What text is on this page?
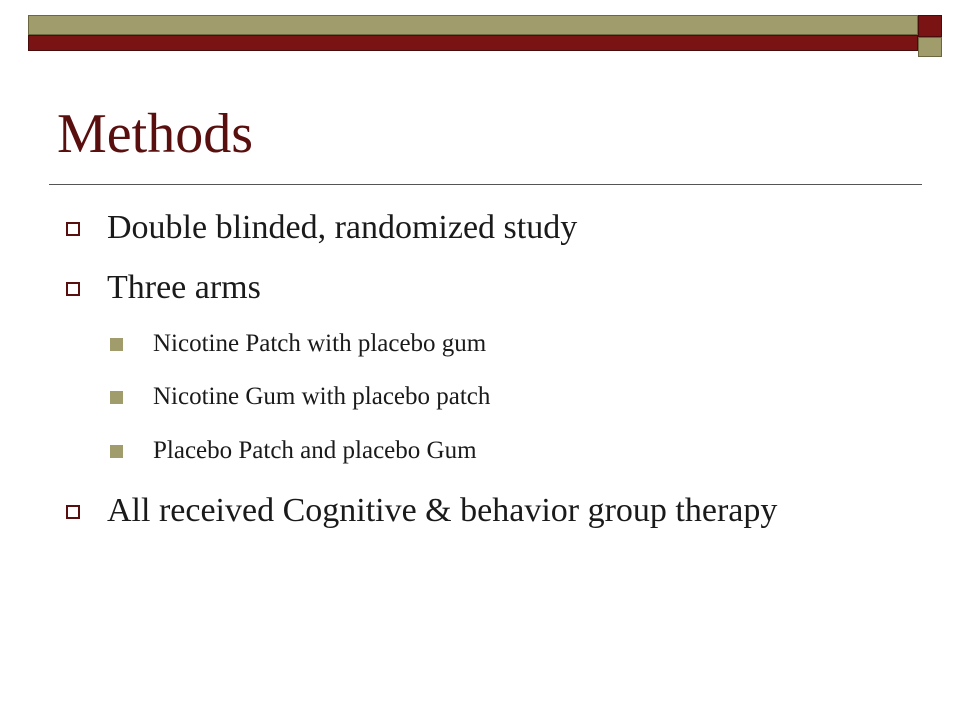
Methods
Double blinded, randomized study
Three arms
Nicotine Patch with placebo gum
Nicotine Gum with placebo patch
Placebo Patch and placebo Gum
All received Cognitive & behavior group therapy
